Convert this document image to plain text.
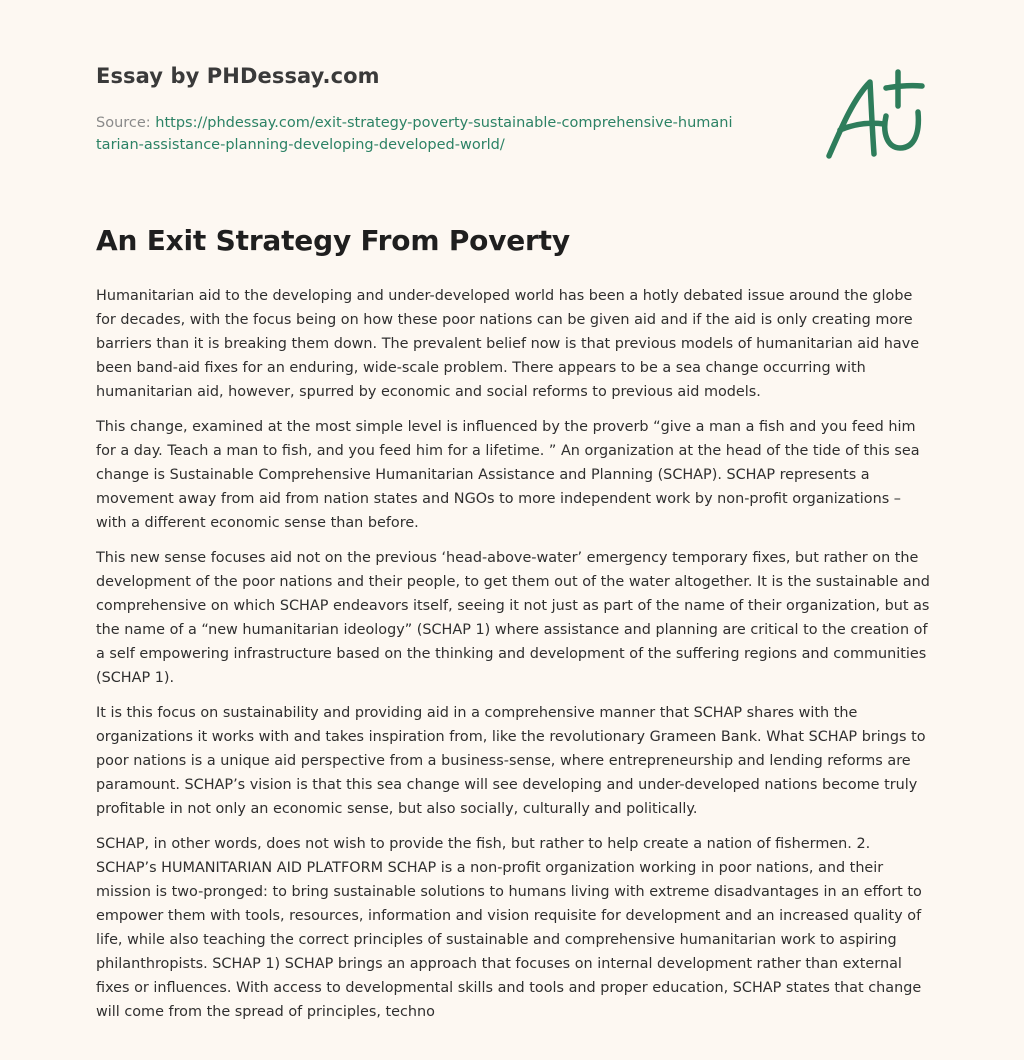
Essay by PHDessay.com
Source: https://phdessay.com/exit-strategy-poverty-sustainable-comprehensive-humanitarian-assistance-planning-developing-developed-world/
An Exit Strategy From Poverty

Humanitarian aid to the developing and under-developed world has been a hotly debated issue around the globe for decades, with the focus being on how these poor nations can be given aid and if the aid is only creating more barriers than it is breaking them down. The prevalent belief now is that previous models of humanitarian aid have been band-aid fixes for an enduring, wide-scale problem. There appears to be a sea change occurring with humanitarian aid, however, spurred by economic and social reforms to previous aid models.

This change, examined at the most simple level is influenced by the proverb “give a man a fish and you feed him for a day. Teach a man to fish, and you feed him for a lifetime. ” An organization at the head of the tide of this sea change is Sustainable Comprehensive Humanitarian Assistance and Planning (SCHAP). SCHAP represents a movement away from aid from nation states and NGOs to more independent work by non-profit organizations – with a different economic sense than before.

This new sense focuses aid not on the previous ‘head-above-water’ emergency temporary fixes, but rather on the development of the poor nations and their people, to get them out of the water altogether. It is the sustainable and comprehensive on which SCHAP endeavors itself, seeing it not just as part of the name of their organization, but as the name of a “new humanitarian ideology” (SCHAP 1) where assistance and planning are critical to the creation of a self empowering infrastructure based on the thinking and development of the suffering regions and communities (SCHAP 1).

It is this focus on sustainability and providing aid in a comprehensive manner that SCHAP shares with the organizations it works with and takes inspiration from, like the revolutionary Grameen Bank. What SCHAP brings to poor nations is a unique aid perspective from a business-sense, where entrepreneurship and lending reforms are paramount. SCHAP’s vision is that this sea change will see developing and under-developed nations become truly profitable in not only an economic sense, but also socially, culturally and politically.

SCHAP, in other words, does not wish to provide the fish, but rather to help create a nation of fishermen. 2. SCHAP’s HUMANITARIAN AID PLATFORM SCHAP is a non-profit organization working in poor nations, and their mission is two-pronged: to bring sustainable solutions to humans living with extreme disadvantages in an effort to empower them with tools, resources, information and vision requisite for development and an increased quality of life, while also teaching the correct principles of sustainable and comprehensive humanitarian work to aspiring philanthropists. SCHAP 1) SCHAP brings an approach that focuses on internal development rather than external fixes or influences. With access to developmental skills and tools and proper education, SCHAP states that change will come from the spread of principles, techno
